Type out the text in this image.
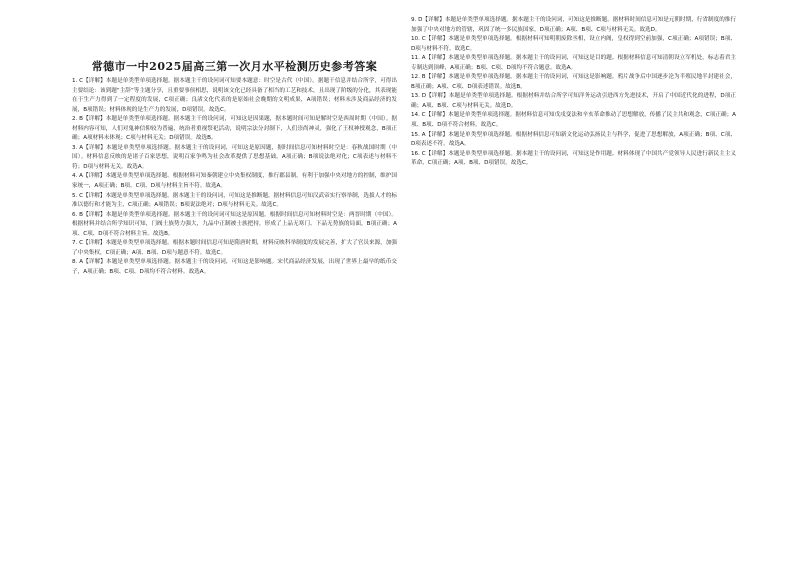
常德市一中2025届高三第一次月水平检测历史参考答案

1. C【详解】本题是单类型单项选择题。据本题主干的设问词可知要本题意：时空是古代（中国）。据题干信息并结合所学，可得出主要结论：该到题“主辞”等主题分享，且重要事侯相思，说明该文化已经具备了相当的工艺和技术，且出现了阶级的分化，其表现能在于生产力得到了一定程度的发展，C项正确；良渚文化代表的是原始社会晚期的文明成果，A项错误；材料未涉及商品经济的发展，B项错误；材料体现的是生产力的发展，D项错误。故选C。

2. B【详解】本题是单类型单项选择题。据本题主干的设问词，可知这是因果题，据本题时间可知是解时空是西周时期（中国）。据材料内容可知，人们对鬼神信仰较为普遍，统治者重视祭祀活动，说明宗法分封制下，人们崇尚神灵，强化了王权神授观念，B项正确；A项材料未体现；C项与材料无关；D项错误。故选B。

3. A【详解】本题是单类型单项选择题。据本题主干的设问词，可知这是原因题，据时间信息可知材料时空是：春秋战国时期（中国）。材料信息反映的是诸子百家思想，说明百家争鸣为社会改革提供了思想基础，A项正确；B项说法绝对化；C项表述与材料不符；D项与材料无关。故选A。

4. A【详解】本题是单类型单项选择题。根据材料可知秦朝建立中央集权制度，推行郡县制，有利于加强中央对地方的控制，维护国家统一，A项正确；B项、C项、D项与材料主旨不符。故选A。

5. C【详解】本题是单类型单项选择题。据本题主干的设问词，可知这是推断题。据材料信息可知汉武帝实行察举制，选拔人才的标准以德行和才能为主，C项正确；A项错误；B项说法绝对；D项与材料无关。故选C。

6. B【详解】本题是单类型单项选择题。据本题主干的设问词可知这是原因题。根据时间信息可知材料时空是：两晋时期（中国）。根据材料并结合所学知识可知，门阀士族势力强大，九品中正制被士族把持，形成了上品无寒门、下品无势族的局面，B项正确；A项、C项、D项不符合材料主旨。故选B。

7. C【详解】本题是单类型单项选择题。根据本题时间信息可知是隋唐时期，材料反映科举制度的发展完善，扩大了官员来源，加强了中央集权，C项正确；A项、B项、D项与题意不符。故选C。

8. A【详解】本题是单类型单项选择题。据本题主干的设问词，可知这是影响题。宋代商品经济发展，出现了世界上最早的纸币交子，A项正确；B项、C项、D项均不符合材料。故选A。

9. D【详解】本题是单类型单项选择题。据本题主干的设问词，可知这是推断题。据材料时间信息可知是元朝时期，行省制度的推行加强了中央对地方的管辖，巩固了统一多民族国家，D项正确；A项、B项、C项与材料无关。故选D。

10. C【详解】本题是单类型单项选择题。根据材料可知明朝废除丞相，设立内阁，皇权得到空前加强，C项正确；A项错误；B项、D项与材料不符。故选C。

11. A【详解】本题是单类型单项选择题。据本题主干的设问词，可知这是目的题。根据材料信息可知清朝设立军机处，标志着君主专制达到顶峰，A项正确；B项、C项、D项均不符合题意。故选A。

12. B【详解】本题是单类型单项选择题。据本题主干的设问词，可知这是影响题。鸦片战争后中国逐步沦为半殖民地半封建社会，B项正确；A项、C项、D项表述错误。故选B。

13. D【详解】本题是单类型单项选择题。根据材料并结合所学可知洋务运动引进西方先进技术，开启了中国近代化的进程，D项正确；A项、B项、C项与材料无关。故选D。

14. C【详解】本题是单类型单项选择题。据材料信息可知戊戌变法和辛亥革命推动了思想解放，传播了民主共和观念，C项正确；A项、B项、D项不符合材料。故选C。

15. A【详解】本题是单类型单项选择题。根据材料信息可知新文化运动弘扬民主与科学，促进了思想解放，A项正确；B项、C项、D项表述不符。故选A。

16. C【详解】本题是单类型单项选择题。据本题主干的设问词，可知这是作用题。材料体现了中国共产党领导人民进行新民主主义革命，C项正确；A项、B项、D项错误。故选C。
